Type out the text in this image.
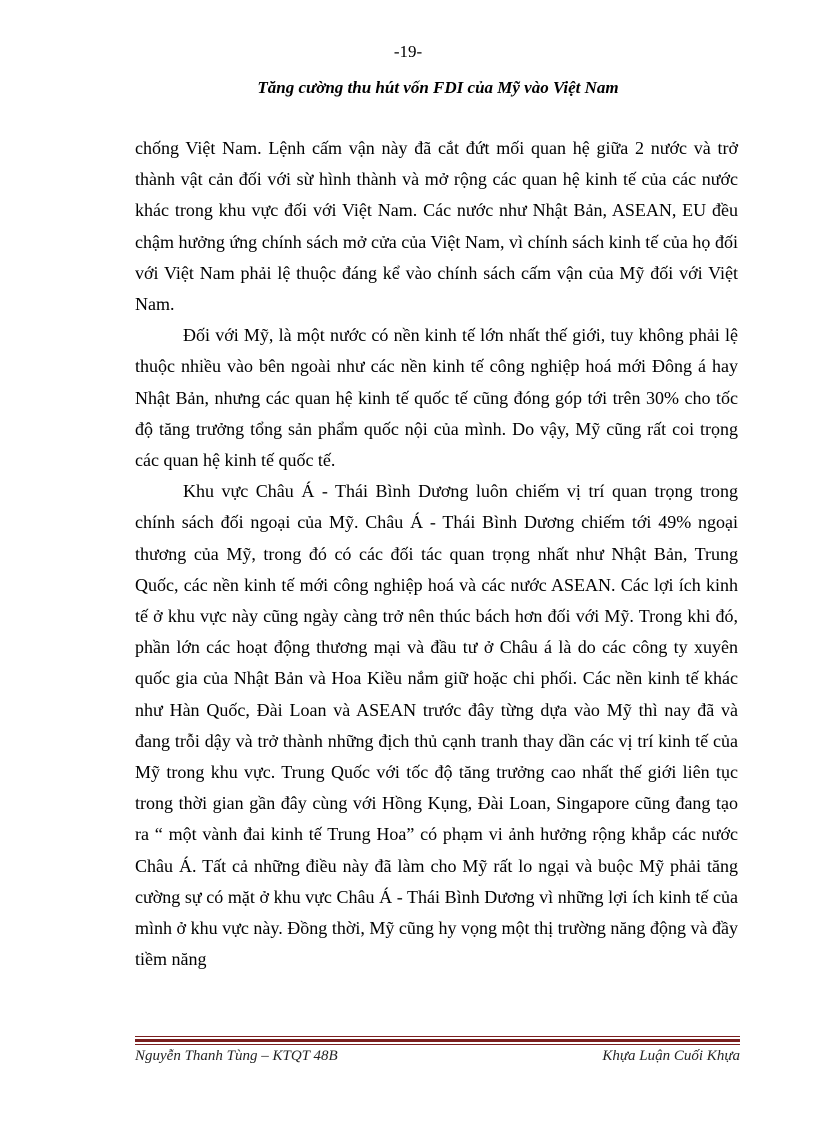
-19-
Tăng cường thu hút vốn FDI của Mỹ vào Việt Nam

chống Việt Nam. Lệnh cấm vận này đã cắt đứt mối quan hệ giữa 2 nước và trở thành vật cản đối với sừ hình thành và mở rộng các quan hệ kinh tế của các nước khác trong khu vực đối với Việt Nam. Các nước như Nhật Bản, ASEAN, EU đều chậm hưởng ứng chính sách mở cửa của Việt Nam, vì chính sách kinh tế của họ đối với Việt Nam phải lệ thuộc đáng kể vào chính sách cấm vận của Mỹ đối với Việt Nam.

Đối với Mỹ, là một nước có nền kinh tế lớn nhất thế giới, tuy không phải lệ thuộc nhiều vào bên ngoài như các nền kinh tế công nghiệp hoá mới Đông á hay Nhật Bản, nhưng các quan hệ kinh tế quốc tế cũng đóng góp tới trên 30% cho tốc độ tăng trưởng tổng sản phẩm quốc nội của mình. Do vậy, Mỹ cũng rất coi trọng các quan hệ kinh tế quốc tế.

Khu vực Châu Á - Thái Bình Dương luôn chiếm vị trí quan trọng trong chính sách đối ngoại của Mỹ. Châu Á - Thái Bình Dương chiếm tới 49% ngoại thương của Mỹ, trong đó có các đối tác quan trọng nhất như Nhật Bản, Trung Quốc, các nền kinh tế mới công nghiệp hoá và các nước ASEAN. Các lợi ích kinh tế ở khu vực này cũng ngày càng trở nên thúc bách hơn đối với Mỹ. Trong khi đó, phần lớn các hoạt động thương mại và đầu tư ở Châu á là do các công ty xuyên quốc gia của Nhật Bản và Hoa Kiều nắm giữ hoặc chi phối. Các nền kinh tế khác như Hàn Quốc, Đài Loan và ASEAN trước đây từng dựa vào Mỹ thì nay đã và đang trỗi dậy và trở thành những địch thủ cạnh tranh thay dần các vị trí kinh tế của Mỹ trong khu vực. Trung Quốc với tốc độ tăng trưởng cao nhất thế giới liên tục trong thời gian gần đây cùng với Hồng Kụng, Đài Loan, Singapore cũng đang tạo ra “ một vành đai kinh tế Trung Hoa” có phạm vi ảnh hưởng rộng khắp các nước Châu Á. Tất cả những điều này đã làm cho Mỹ rất lo ngại và buộc Mỹ phải tăng cường sự có mặt ở khu vực Châu Á - Thái Bình Dương vì những lợi ích kinh tế của mình ở khu vực này. Đồng thời, Mỹ cũng hy vọng một thị trường năng động và đầy tiềm năng

Nguyễn Thanh Tùng – KTQT 48B	Khựa Luận Cuối Khựa
